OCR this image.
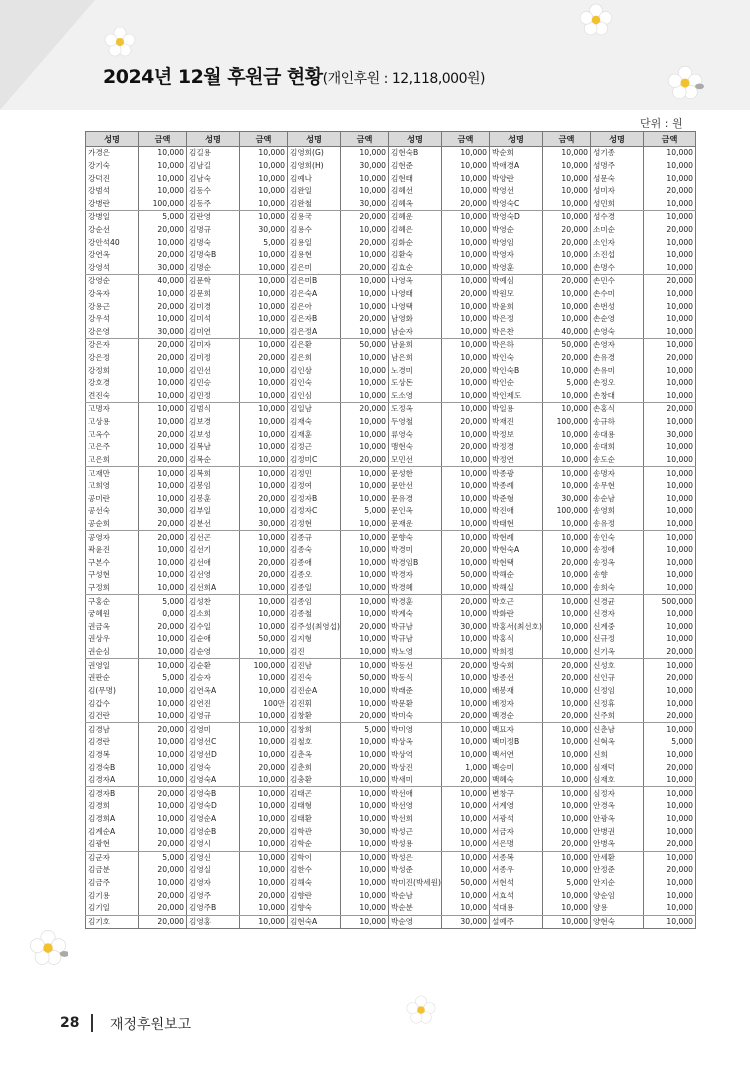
2024년 12월 후원금 현황(개인후원 : 12,118,000원)
단위 : 원
성명	금액	성명	금액	성명	금액	성명	금액	성명	금액	성명	금액
가경은	10,000	김길용	10,000	김영희(G)	10,000	김현숙B	10,000	박순희	10,000	성기종	10,000
강기숙	10,000	김남길	10,000	김영희(H)	30,000	김현준	10,000	박애경A	10,000	성명주	10,000
강덕진	10,000	김남숙	10,000	김예나	10,000	김현태	10,000	박양란	10,000	성문숙	10,000
강범석	10,000	김동수	10,000	김완일	10,000	김혜선	10,000	박영선	10,000	성미자	20,000
강병란	100,000	김동주	10,000	김완철	30,000	김혜옥	20,000	박영숙C	10,000	성민희	10,000
강병일	5,000	김란영	10,000	김용국	20,000	김혜운	10,000	박영숙D	10,000	성수경	10,000
강순선	20,000	김명규	30,000	김용수	10,000	김혜은	10,000	박영순	20,000	소미순	20,000
강안석40	10,000	김명숙	5,000	김용일	20,000	김화순	10,000	박영임	20,000	소인자	10,000
강연옥	20,000	김명숙B	10,000	김용현	10,000	김환숙	10,000	박영자	10,000	소진섭	10,000
강영석	30,000	김명순	10,000	김은미	20,000	김효순	10,000	박영훈	10,000	손명수	10,000
강영순	40,000	김문학	10,000	김은미B	10,000	나영옥	10,000	박예심	20,000	손민수	20,000
강옥자	10,000	김문희	10,000	김은숙A	10,000	나영태	20,000	박원모	10,000	손수미	10,000
강용근	20,000	김미경	10,000	김은아	10,000	나영택	10,000	박윤희	10,000	손번성	10,000
강우석	10,000	김미석	10,000	김은자B	20,000	남영화	10,000	박은정	10,000	손순영	10,000
강은영	30,000	김미연	10,000	김은정A	10,000	남순자	10,000	박은찬	40,000	손영숙	10,000
강은자	20,000	김미자	10,000	김은환	50,000	남윤희	10,000	박은하	50,000	손영자	10,000
강은정	20,000	김미정	20,000	김은희	10,000	남은희	10,000	박인숙	20,000	손유경	20,000
강정희	10,000	김민선	10,000	김인삼	10,000	노경미	20,000	박인숙B	10,000	손유미	10,000
강호경	10,000	김민승	10,000	김인숙	10,000	도상돈	10,000	박인순	5,000	손정오	10,000
견진숙	10,000	김민정	10,000	김인심	10,000	도소영	10,000	박인제도	10,000	손창대	10,000
고명자	10,000	김범식	10,000	김일남	20,000	도정옥	10,000	박일용	10,000	손홍식	20,000
고상용	10,000	김보경	10,000	김재숙	10,000	두영철	20,000	박재진	100,000	송규하	10,000
고옥수	20,000	김보성	10,000	김재훈	10,000	류영숙	10,000	박정보	10,000	송대용	30,000
고은주	10,000	김복남	10,000	김정근	10,000	맹현숙	20,000	박정경	10,000	송대희	10,000
고은희	20,000	김복순	10,000	김정미C	20,000	모민선	10,000	박정연	10,000	송도순	10,000
고재만	10,000	김복희	10,000	김정민	10,000	문성한	10,000	박종광	10,000	송명자	10,000
고희영	10,000	김봉임	10,000	김정여	10,000	문안선	10,000	박종례	10,000	송무현	10,000
공미란	10,000	김봉훈	20,000	김정자B	10,000	문유경	10,000	박준형	30,000	송순남	10,000
공선숙	30,000	김부일	10,000	김정자C	5,000	문인옥	10,000	박진애	100,000	송영희	10,000
공순희	20,000	김분선	30,000	김정현	10,000	문재운	10,000	박태현	10,000	송유정	10,000
공영자	20,000	김선곤	10,000	김종규	10,000	문향숙	10,000	박현례	10,000	송인숙	10,000
곽윤진	10,000	김선기	10,000	김종숙	10,000	박경미	20,000	박현숙A	10,000	송정애	10,000
구본수	10,000	김선애	20,000	김종애	10,000	박경임B	10,000	박현택	20,000	송정옥	10,000
구성현	10,000	김선영	20,000	김종오	10,000	박경자	50,000	박해순	10,000	송향	10,000
구정희	10,000	김선희A	10,000	김종일	10,000	박경혜	10,000	박해실	10,000	송희숙	10,000
구홍순	5,000	김성찬	10,000	김종임	10,000	박경훈	20,000	박호근	10,000	신경균	500,000
궁혜원	0,000	김소희	10,000	김종철	10,000	박계숙	10,000	박화란	10,000	신경자	10,000
권금옥	20,000	김수일	10,000	김주성(최영섭)	20,000	박규남	30,000	박홍서(최선호)	10,000	신계중	10,000
권상우	10,000	김순애	50,000	김지형	10,000	박규남	10,000	박홍식	10,000	신규정	10,000
권순심	10,000	김순영	10,000	김진	10,000	박노영	10,000	박희정	10,000	신기옥	20,000
권영일	10,000	김순환	100,000	김진남	10,000	박동선	20,000	방숙희	20,000	신성호	10,000
권판순	5,000	김승자	10,000	김진숙	50,000	박동식	10,000	방종선	20,000	신인규	20,000
김(무명)	10,000	김연옥A	10,000	김진순A	10,000	박래준	10,000	배봉재	10,000	신정임	10,000
김갑수	10,000	김연진	100만	김진휘	10,000	박문환	10,000	배정자	10,000	신정휴	10,000
김건란	10,000	김영규	10,000	김창환	20,000	박미숙	20,000	백경순	20,000	신주희	20,000
김경남	20,000	김영미	10,000	김창희	5,000	박미영	10,000	백묘자	10,000	신춘남	10,000
김경란	10,000	김영선C	10,000	김철호	10,000	박상옥	10,000	백미정B	10,000	신혁옥	5,000
김경복	10,000	김영선D	10,000	김춘옥	10,000	박상억	10,000	백서연	10,000	신희	10,000
김경숙B	10,000	김영숙	20,000	김춘희	20,000	박상진	1,000	백승미	10,000	심재덕	20,000
김경자A	10,000	김영숙A	10,000	김충환	10,000	박새미	20,000	백혜숙	10,000	심재호	10,000
김경자B	20,000	김영숙B	10,000	김태곤	10,000	박선애	10,000	변창구	10,000	심정자	10,000
김경희	10,000	김영숙D	10,000	김태형	10,000	박선영	10,000	서계영	10,000	안경옥	10,000
김경희A	10,000	김영순A	10,000	김태환	10,000	박선희	10,000	서광석	10,000	안광옥	10,000
김계순A	10,000	김영순B	20,000	김학관	30,000	박성근	10,000	서금자	10,000	안병권	10,000
김광현	20,000	김영시	10,000	김학순	10,000	박성용	10,000	서은명	20,000	안병옥	20,000
김군자	5,000	김영신	10,000	김학이	10,000	박성은	10,000	서종복	10,000	안세환	10,000
김금분	20,000	김영실	10,000	김한수	10,000	박성준	10,000	서종우	10,000	안정준	20,000
김금주	10,000	김영자	10,000	김해숙	10,000	박미진(박세원)	50,000	서현석	5,000	안지순	10,000
김기용	20,000	김영주	20,000	김향란	10,000	박순남	10,000	서효석	10,000	양순임	10,000
김기일	20,000	김영주B	10,000	김향숙	10,000	박순분	10,000	석대용	10,000	양용	10,000
김기호	20,000	김영홍	10,000	김현숙A	10,000	박순영	30,000	설예주	10,000	양현숙	10,000
28 재정후원보고
